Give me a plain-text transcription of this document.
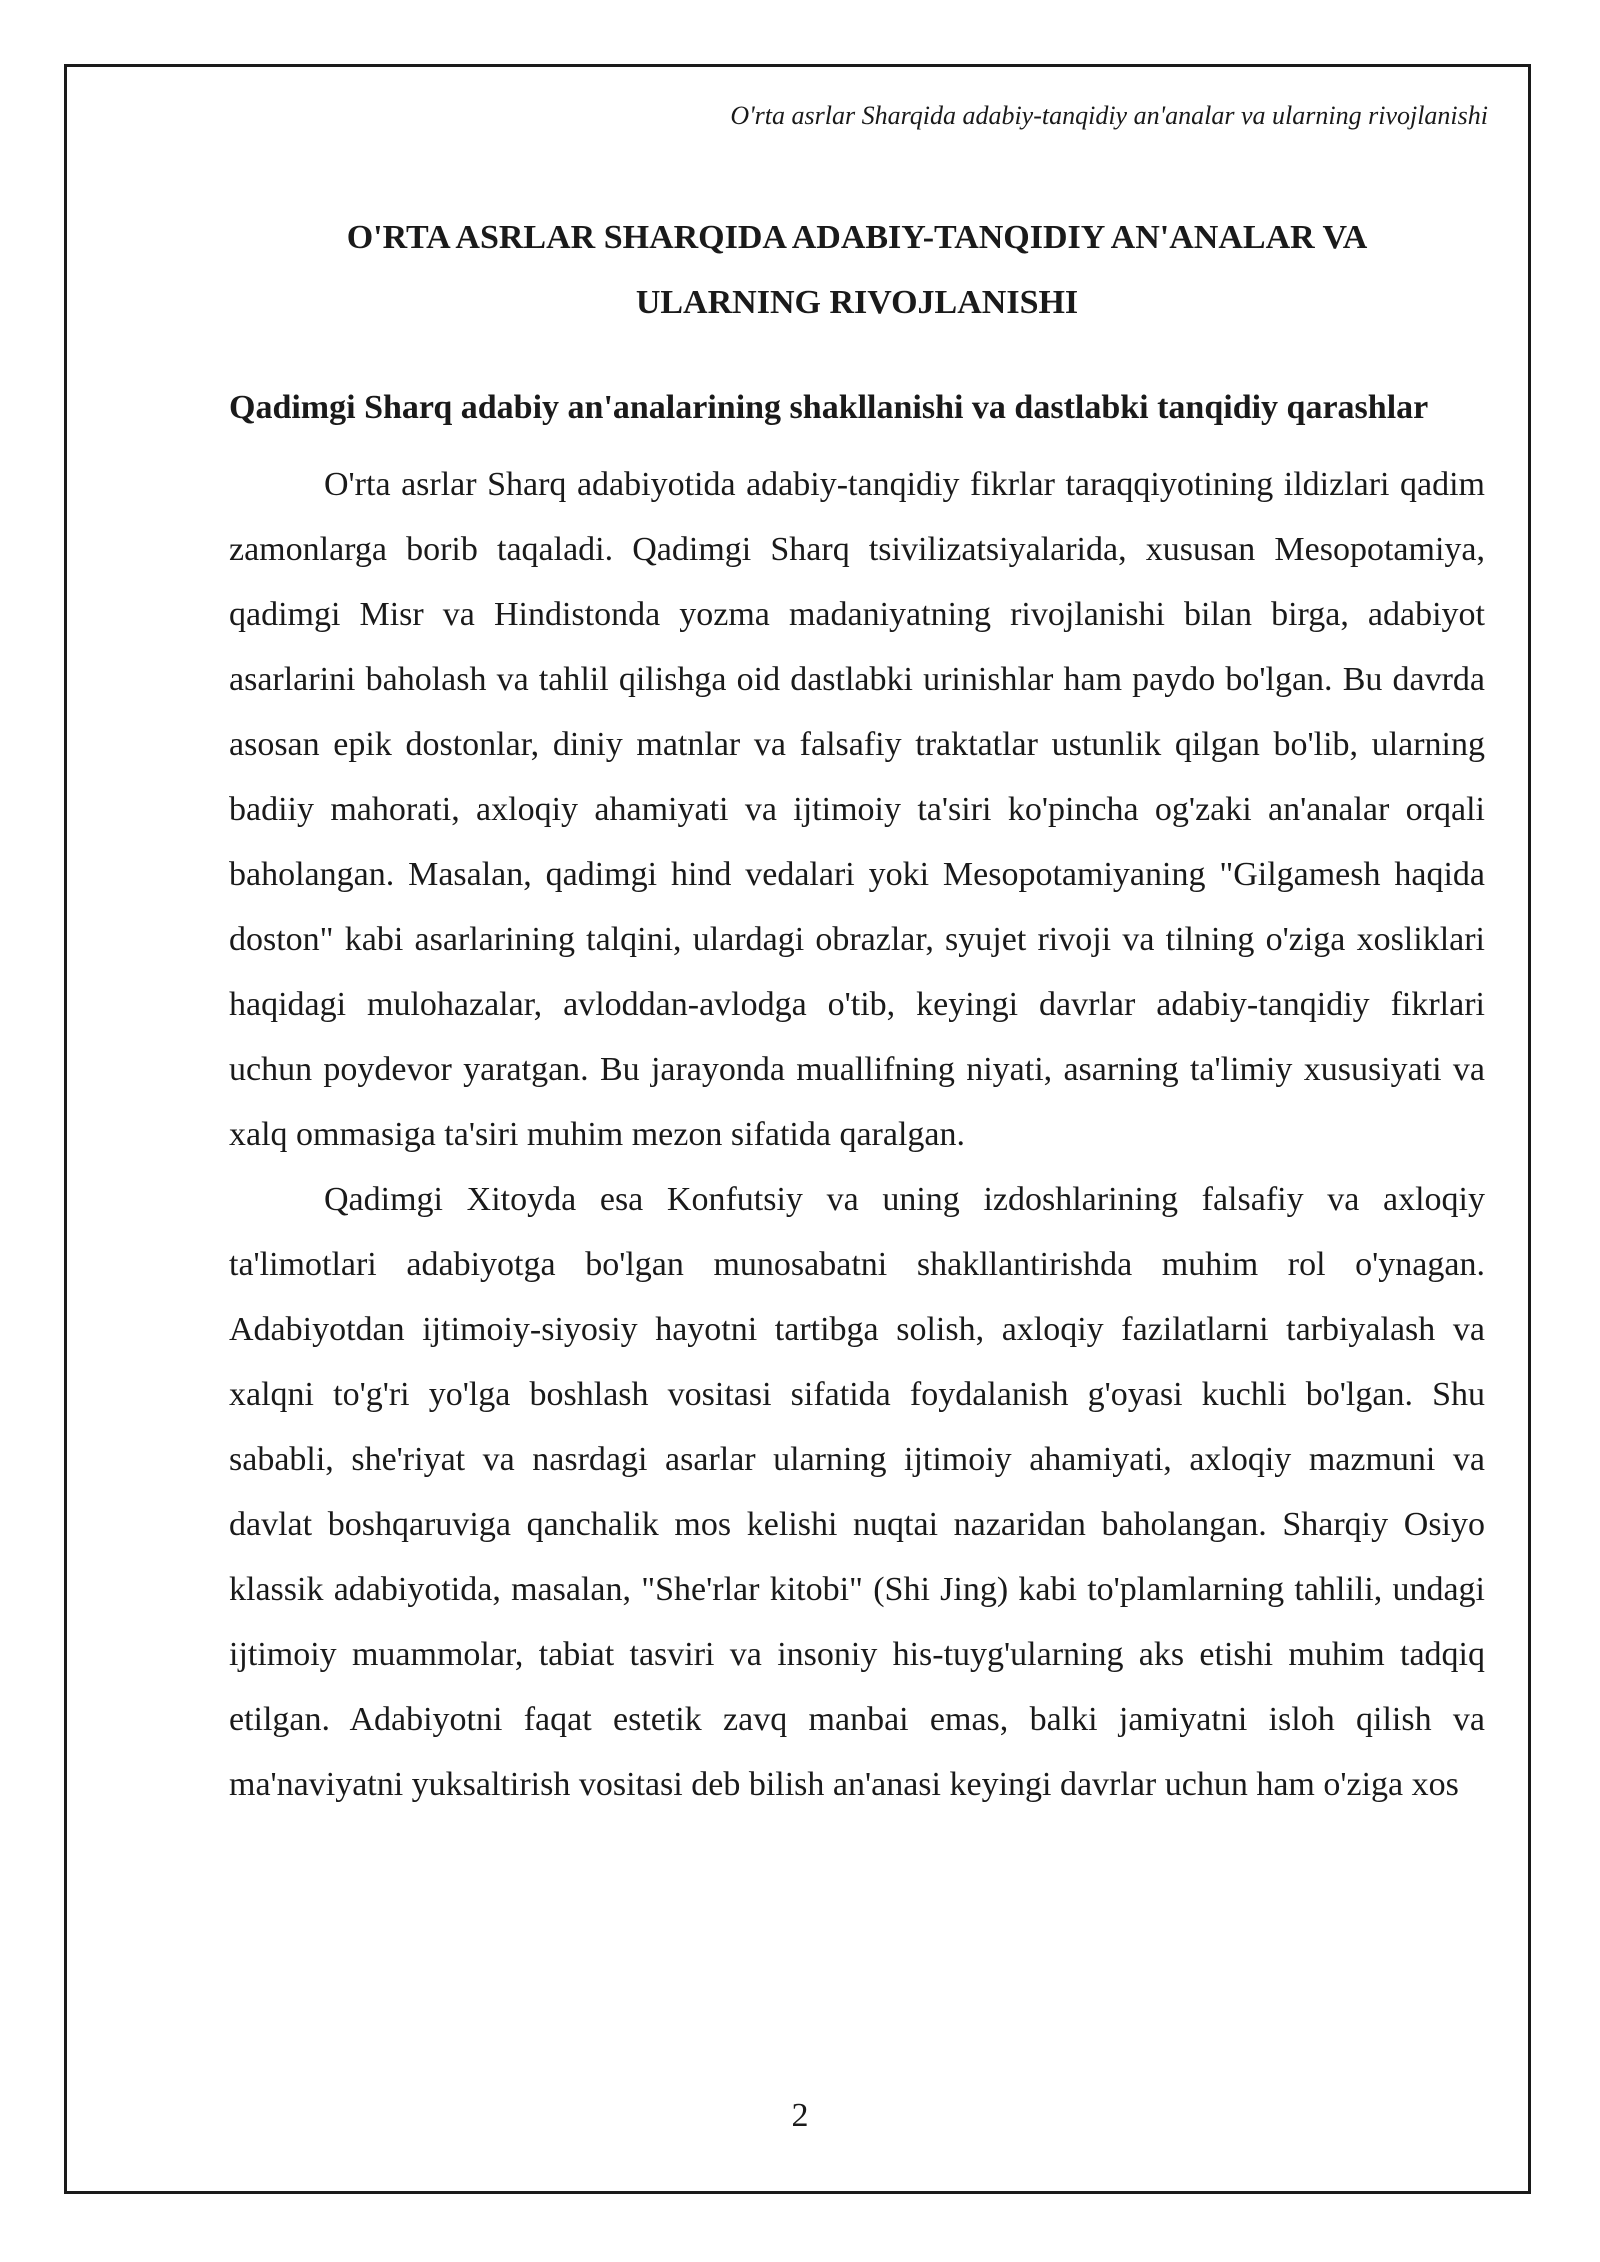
O'rta asrlar Sharqida adabiy-tanqidiy an'analar va ularning rivojlanishi
O'RTA ASRLAR SHARQIDA ADABIY-TANQIDIY AN'ANALAR VA
ULARNING RIVOJLANISHI
Qadimgi Sharq adabiy an'analarining shakllanishi va dastlabki tanqidiy qarashlar

O'rta asrlar Sharq adabiyotida adabiy-tanqidiy fikrlar taraqqiyotining ildizlari qadim zamonlarga borib taqaladi. Qadimgi Sharq tsivilizatsiyalarida, xususan Mesopotamiya, qadimgi Misr va Hindistonda yozma madaniyatning rivojlanishi bilan birga, adabiyot asarlarini baholash va tahlil qilishga oid dastlabki urinishlar ham paydo bo'lgan. Bu davrda asosan epik dostonlar, diniy matnlar va falsafiy traktatlar ustunlik qilgan bo'lib, ularning badiiy mahorati, axloqiy ahamiyati va ijtimoiy ta'siri ko'pincha og'zaki an'analar orqali baholangan. Masalan, qadimgi hind vedalari yoki Mesopotamiyaning "Gilgamesh haqida doston" kabi asarlarining talqini, ulardagi obrazlar, syujet rivoji va tilning o'ziga xosliklari haqidagi mulohazalar, avloddan-avlodga o'tib, keyingi davrlar adabiy-tanqidiy fikrlari uchun poydevor yaratgan. Bu jarayonda muallifning niyati, asarning ta'limiy xususiyati va xalq ommasiga ta'siri muhim mezon sifatida qaralgan.

Qadimgi Xitoyda esa Konfutsiy va uning izdoshlarining falsafiy va axloqiy ta'limotlari adabiyotga bo'lgan munosabatni shakllantirishda muhim rol o'ynagan. Adabiyotdan ijtimoiy-siyosiy hayotni tartibga solish, axloqiy fazilatlarni tarbiyalash va xalqni to'g'ri yo'lga boshlash vositasi sifatida foydalanish g'oyasi kuchli bo'lgan. Shu sababli, she'riyat va nasrdagi asarlar ularning ijtimoiy ahamiyati, axloqiy mazmuni va davlat boshqaruviga qanchalik mos kelishi nuqtai nazaridan baholangan. Sharqiy Osiyo klassik adabiyotida, masalan, "She'rlar kitobi" (Shi Jing) kabi to'plamlarning tahlili, undagi ijtimoiy muammolar, tabiat tasviri va insoniy his-tuyg'ularning aks etishi muhim tadqiq etilgan. Adabiyotni faqat estetik zavq manbai emas, balki jamiyatni isloh qilish va ma'naviyatni yuksaltirish vositasi deb bilish an'anasi keyingi davrlar uchun ham o'ziga xos

2
